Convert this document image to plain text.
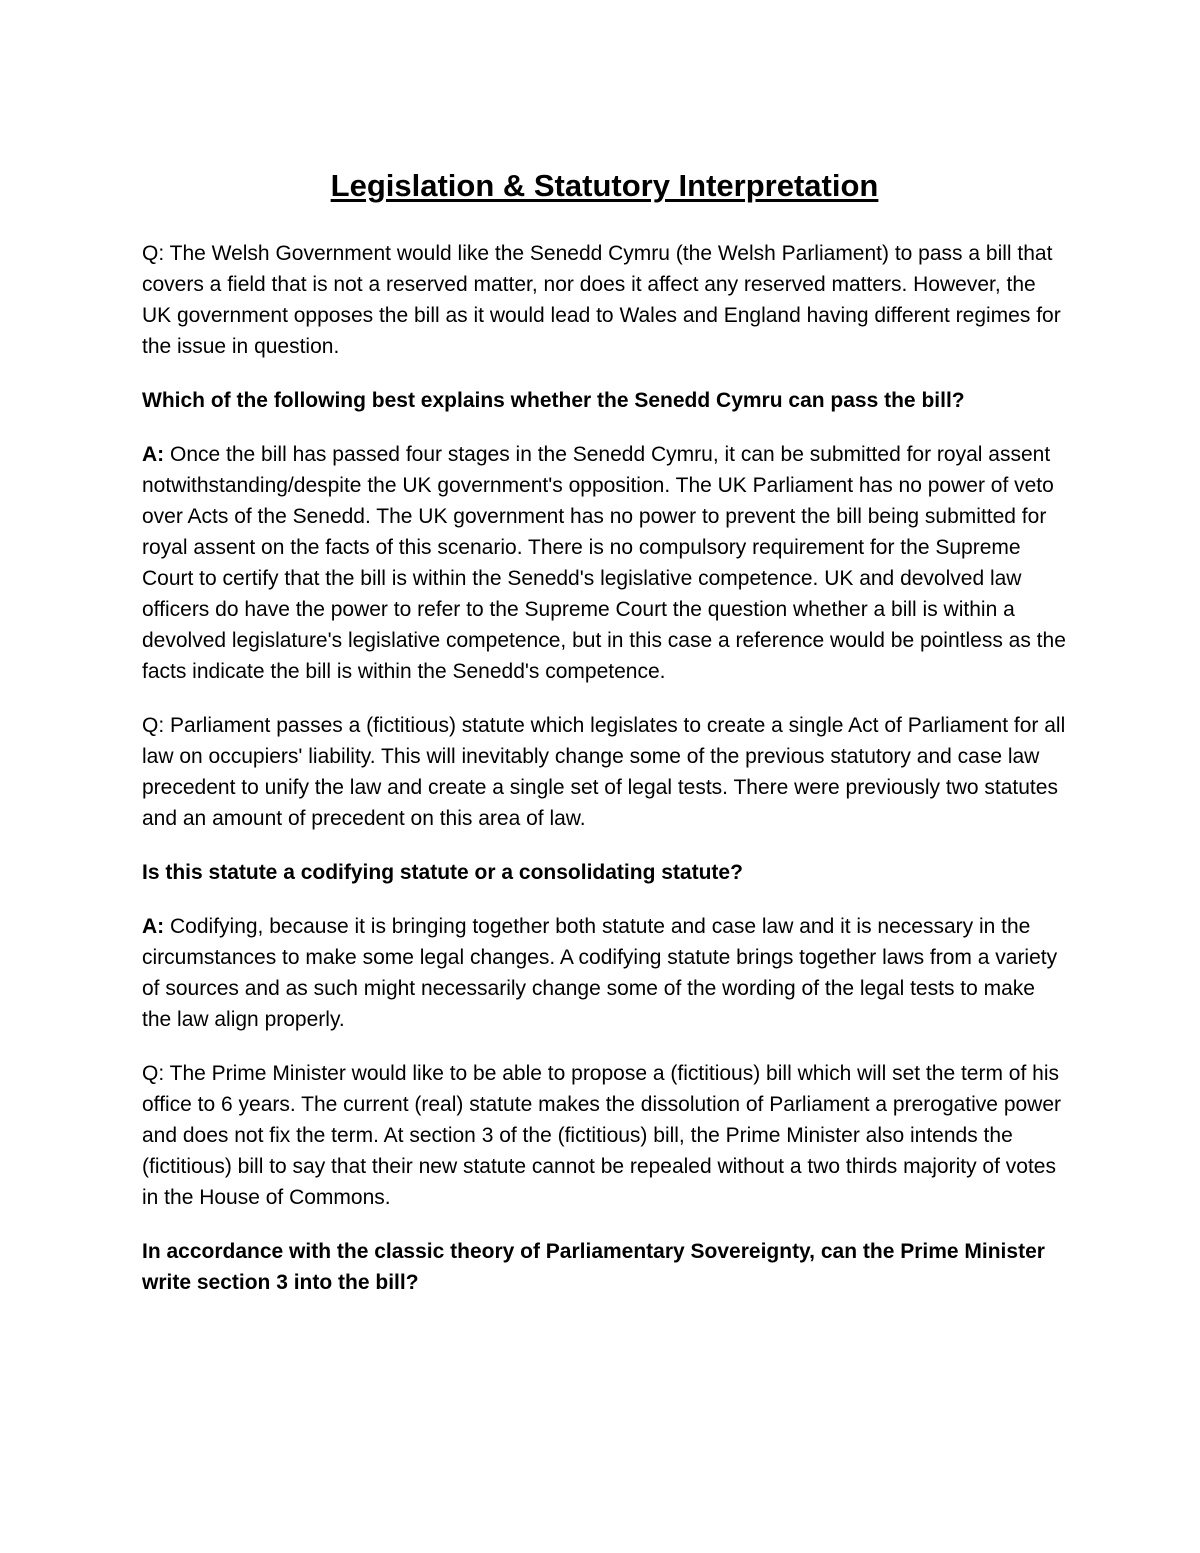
Legislation & Statutory Interpretation

Q: The Welsh Government would like the Senedd Cymru (the Welsh Parliament) to pass a bill that covers a field that is not a reserved matter, nor does it affect any reserved matters. However, the UK government opposes the bill as it would lead to Wales and England having different regimes for the issue in question.

Which of the following best explains whether the Senedd Cymru can pass the bill?

A: Once the bill has passed four stages in the Senedd Cymru, it can be submitted for royal assent notwithstanding/despite the UK government's opposition. The UK Parliament has no power of veto over Acts of the Senedd. The UK government has no power to prevent the bill being submitted for royal assent on the facts of this scenario. There is no compulsory requirement for the Supreme Court to certify that the bill is within the Senedd's legislative competence. UK and devolved law officers do have the power to refer to the Supreme Court the question whether a bill is within a devolved legislature's legislative competence, but in this case a reference would be pointless as the facts indicate the bill is within the Senedd's competence.

Q: Parliament passes a (fictitious) statute which legislates to create a single Act of Parliament for all law on occupiers' liability. This will inevitably change some of the previous statutory and case law precedent to unify the law and create a single set of legal tests. There were previously two statutes and an amount of precedent on this area of law.

Is this statute a codifying statute or a consolidating statute?

A: Codifying, because it is bringing together both statute and case law and it is necessary in the circumstances to make some legal changes. A codifying statute brings together laws from a variety of sources and as such might necessarily change some of the wording of the legal tests to make the law align properly.

Q: The Prime Minister would like to be able to propose a (fictitious) bill which will set the term of his office to 6 years. The current (real) statute makes the dissolution of Parliament a prerogative power and does not fix the term. At section 3 of the (fictitious) bill, the Prime Minister also intends the (fictitious) bill to say that their new statute cannot be repealed without a two thirds majority of votes in the House of Commons.

In accordance with the classic theory of Parliamentary Sovereignty, can the Prime Minister write section 3 into the bill?
